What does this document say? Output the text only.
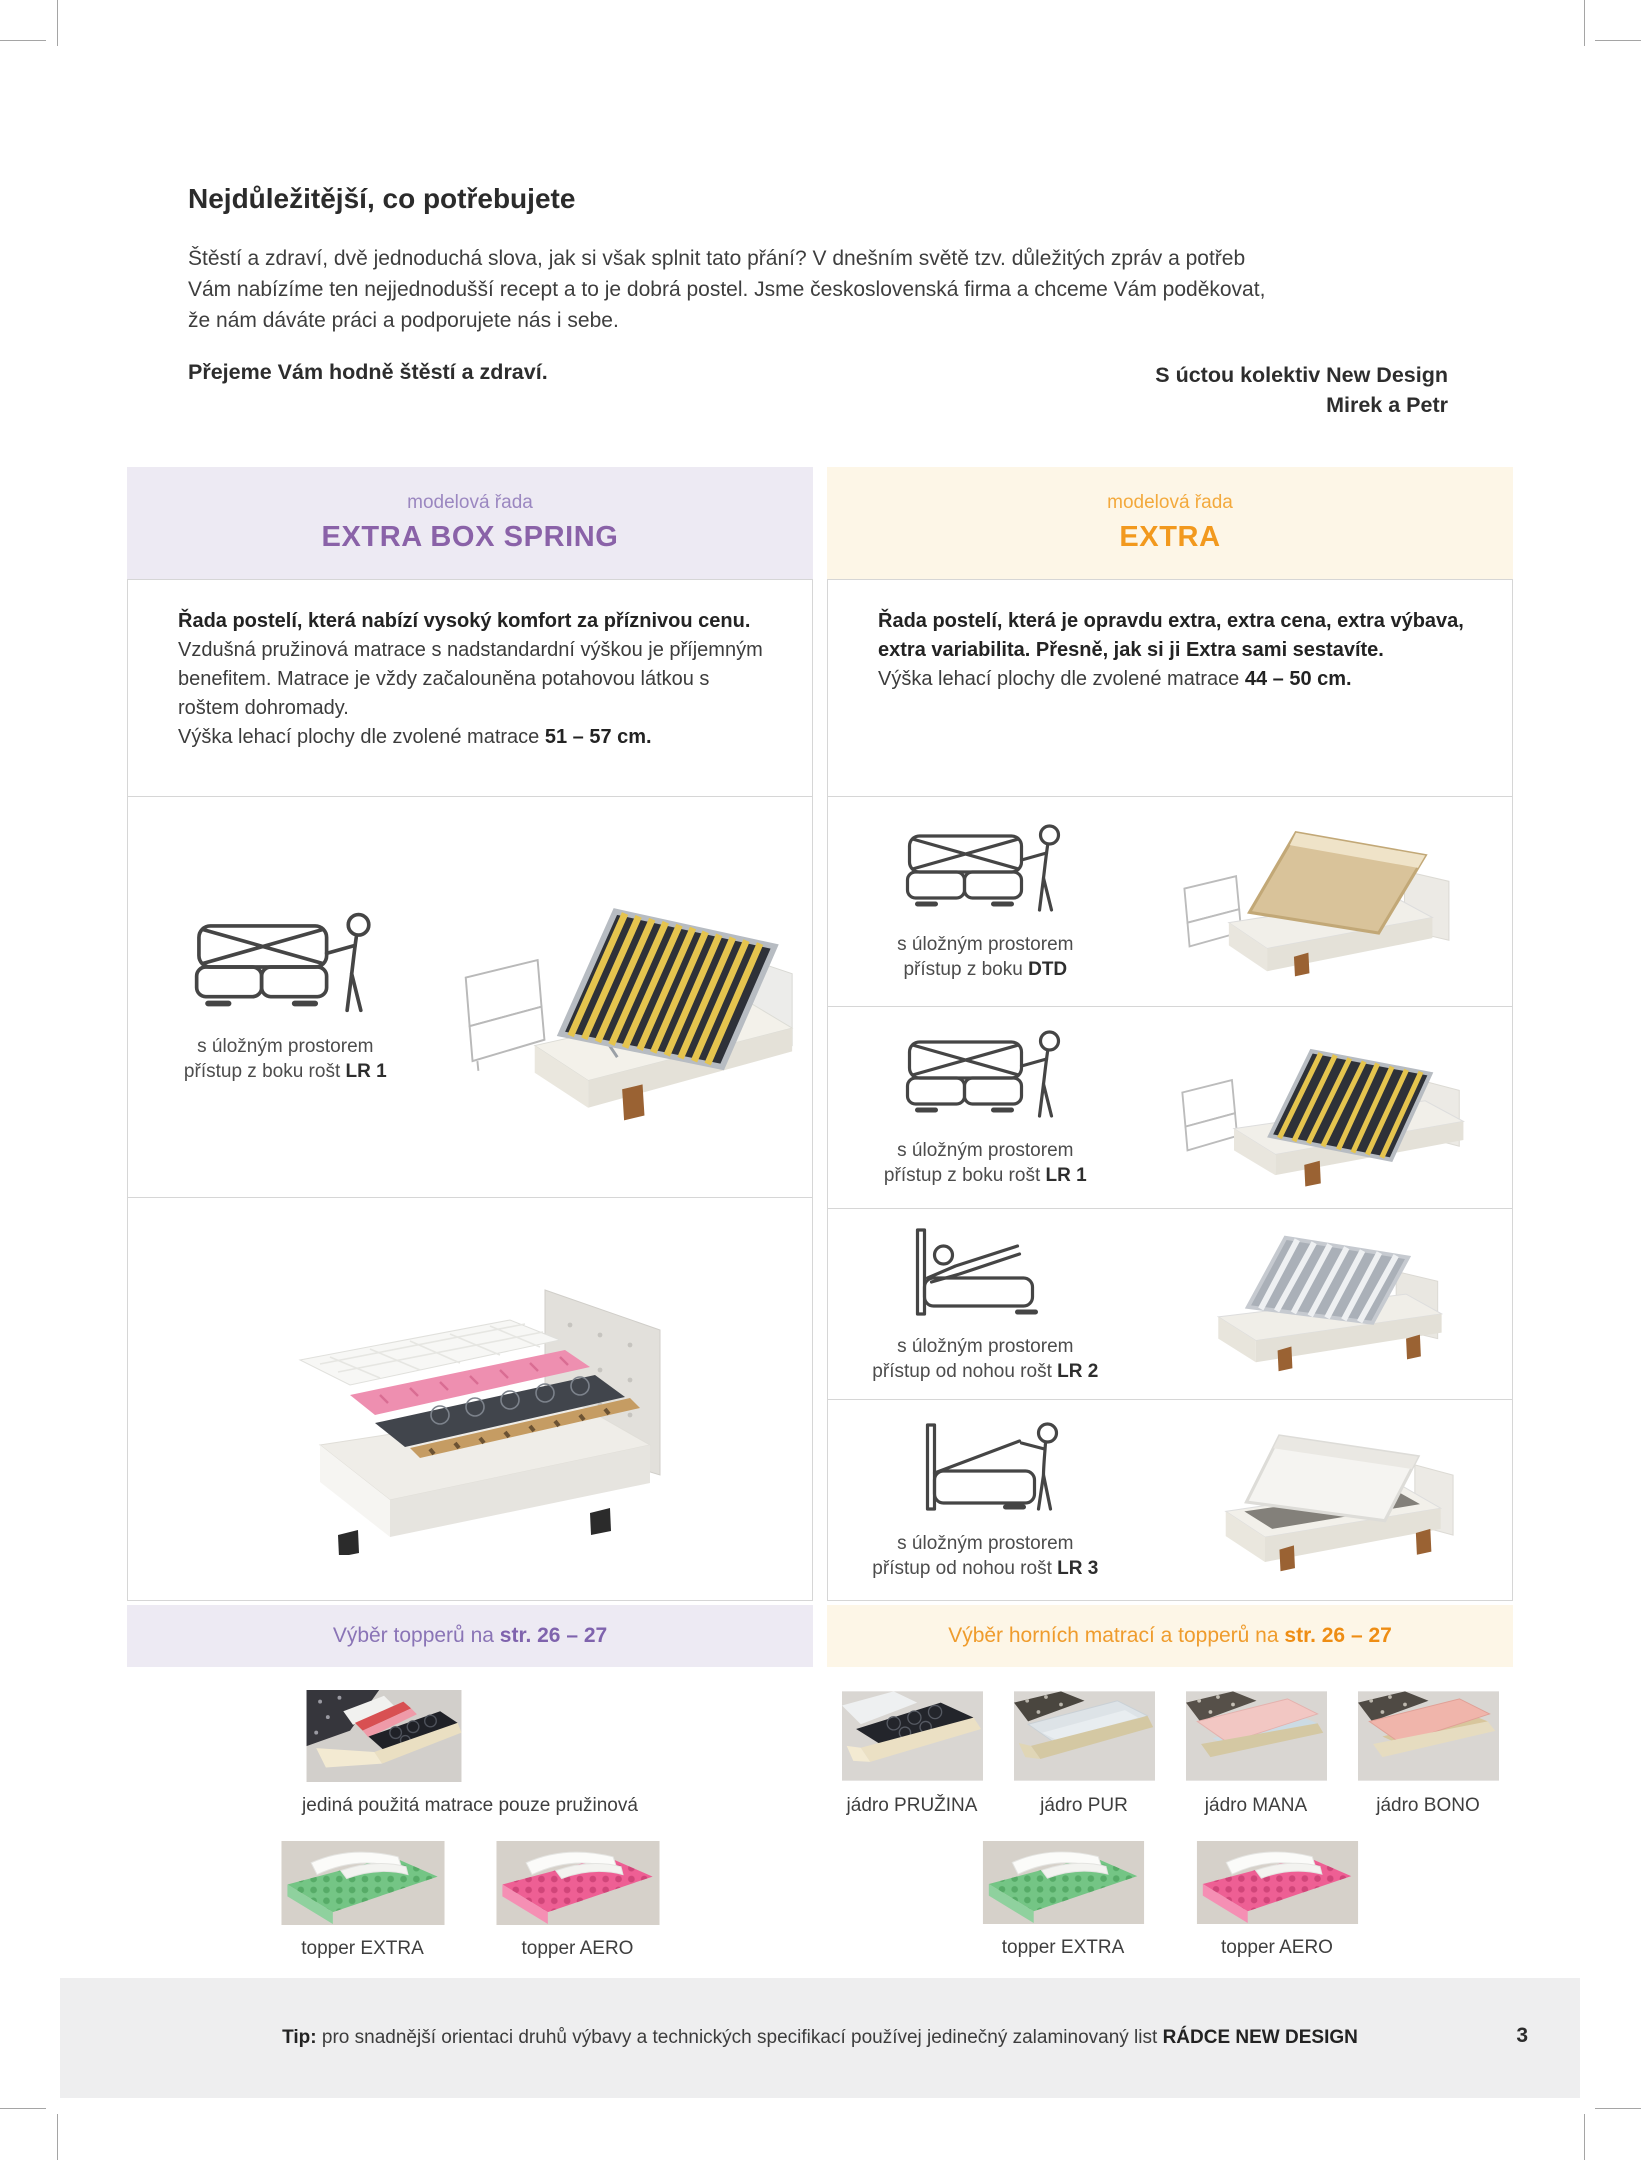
Nejdůležitější, co potřebujete

Štěstí a zdraví, dvě jednoduchá slova, jak si však splnit tato přání? V dnešním světě tzv. důležitých zpráv a potřeb
Vám nabízíme ten nejjednodušší recept a to je dobrá postel. Jsme československá firma a chceme Vám poděkovat,
že nám dáváte práci a podporujete nás i sebe.

Přejeme Vám hodně štěstí a zdraví.	S úctou kolektiv New Design
Mirek a Petr
modelová řada
EXTRA BOX SPRING

Řada postelí, která nabízí vysoký komfort za příznivou cenu. Vzdušná pružinová matrace s nadstandardní výškou je příjemným benefitem. Matrace je vždy začalouněna potahovou látkou s roštem dohromady.

Výška lehací plochy dle zvolené matrace 51 – 57 cm.

s úložným prostorem
přístup z boku rošt LR 1
Výběr topperů na
str. 26 – 27
jediná použitá matrace pouze pružinová
topper EXTRA	topper AERO
modelová řada
EXTRA

Řada postelí, která je opravdu extra, extra cena, extra výbava, extra variabilita. Přesně, jak si ji Extra sami sestavíte.

Výška lehací plochy dle zvolené matrace 44 – 50 cm.

s úložným prostorem
přístup z boku DTD
s úložným prostorem
přístup z boku rošt LR 1
s úložným prostorem
přístup od nohou rošt LR 2
s úložným prostorem
přístup od nohou rošt LR 3
Výběr horních matrací a topperů na
str. 26 – 27
jádro PRUŽINA	jádro PUR	jádro MANA	jádro BONO
topper EXTRA	topper AERO

Tip: pro snadnější orientaci druhů výbavy a technických specifikací používej jedinečný zalaminovaný list RÁDCE NEW DESIGN	3
